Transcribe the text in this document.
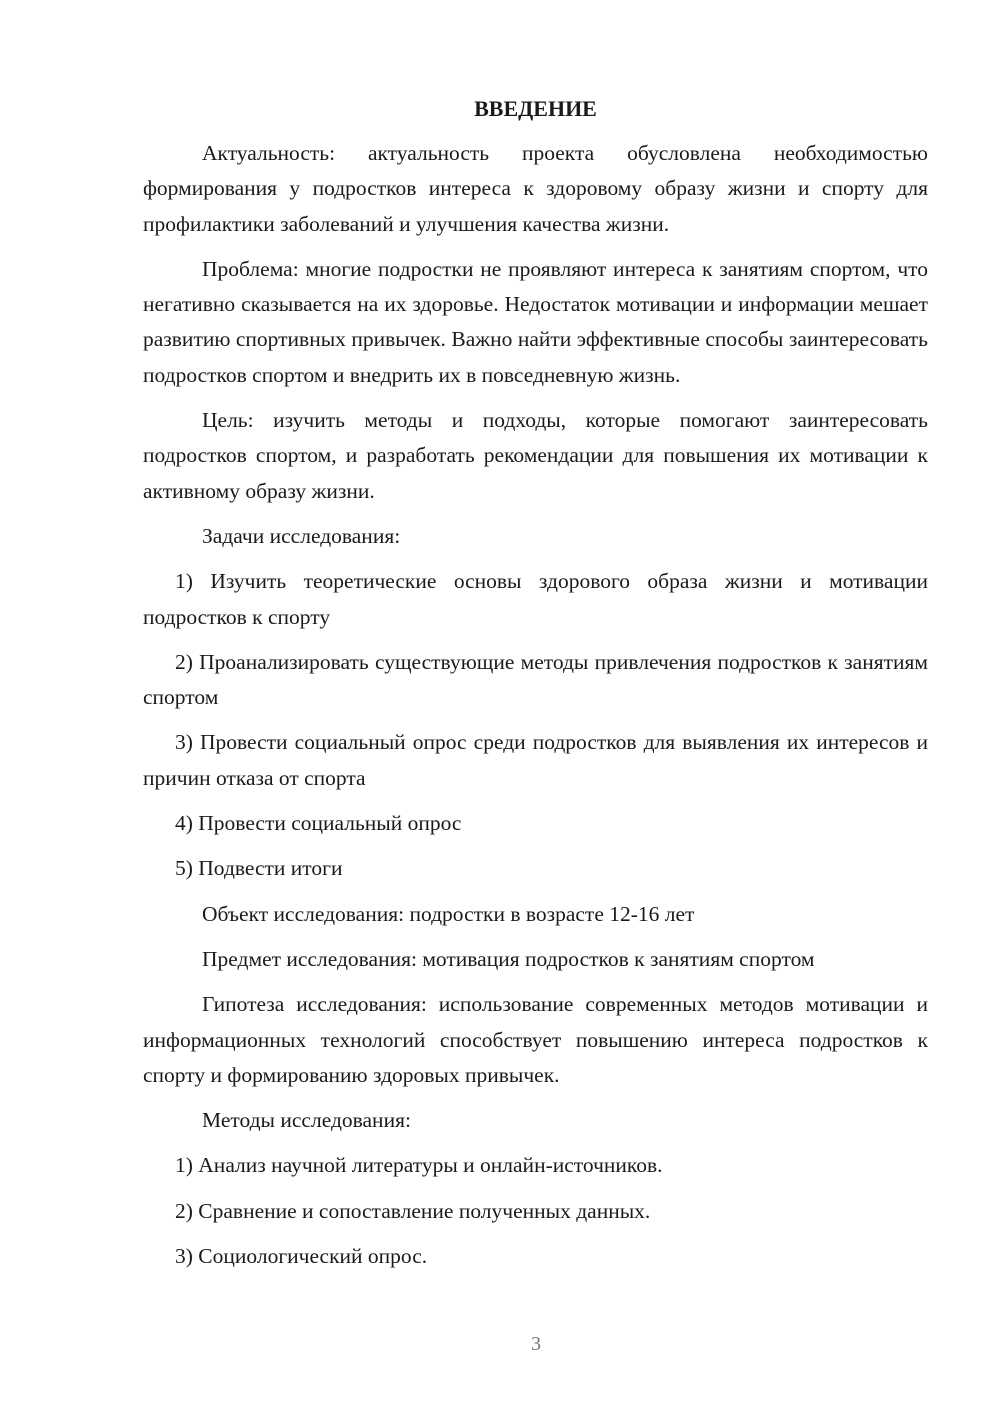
ВВЕДЕНИЕ

Актуальность: актуальность проекта обусловлена необходимостью формирования у подростков интереса к здоровому образу жизни и спорту для профилактики заболеваний и улучшения качества жизни.

Проблема: многие подростки не проявляют интереса к занятиям спортом, что негативно сказывается на их здоровье. Недостаток мотивации и информации мешает развитию спортивных привычек. Важно найти эффективные способы заинтересовать подростков спортом и внедрить их в повседневную жизнь.

Цель: изучить методы и подходы, которые помогают заинтересовать подростков спортом, и разработать рекомендации для повышения их мотивации к активному образу жизни.

Задачи исследования:

1) Изучить теоретические основы здорового образа жизни и мотивации подростков к спорту

2) Проанализировать существующие методы привлечения подростков к занятиям спортом

3) Провести социальный опрос среди подростков для выявления их интересов и причин отказа от спорта

4) Провести социальный опрос

5) Подвести итоги

Объект исследования: подростки в возрасте 12-16 лет

Предмет исследования: мотивация подростков к занятиям спортом

Гипотеза исследования: использование современных методов мотивации и информационных технологий способствует повышению интереса подростков к спорту и формированию здоровых привычек.

Методы исследования:

1) Анализ научной литературы и онлайн-источников.

2) Сравнение и сопоставление полученных данных.

3) Социологический опрос.

3
